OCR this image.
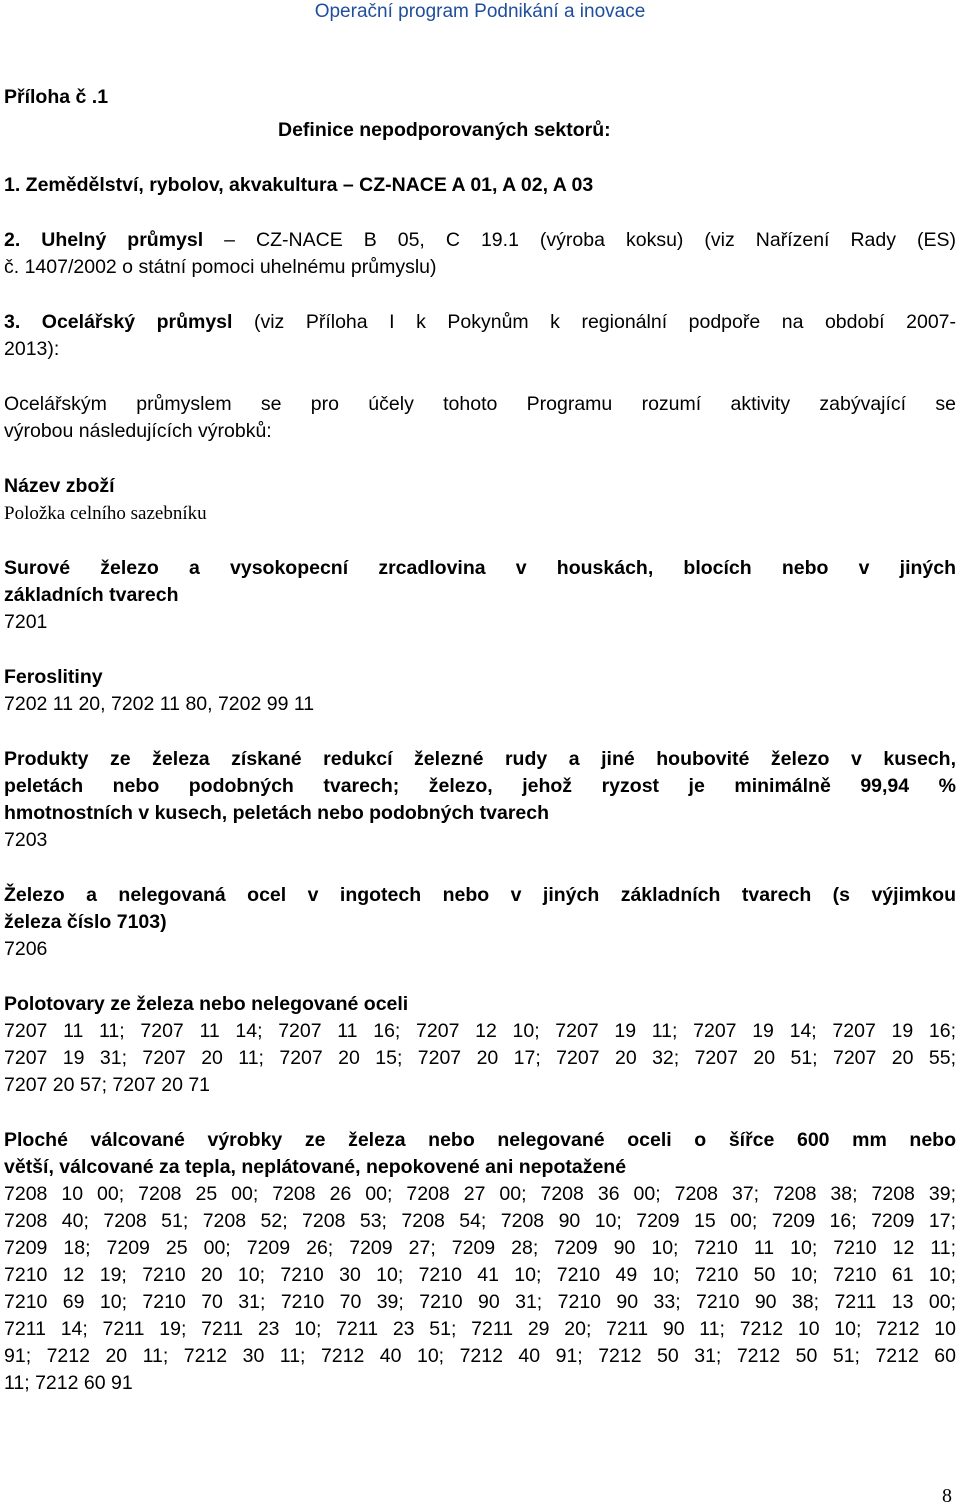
Operační program Podnikání a inovace

Příloha č .1

Definice nepodporovaných sektorů:

1. Zemědělství, rybolov, akvakultura – CZ-NACE A 01, A 02, A 03

2. Uhelný průmysl – CZ-NACE B 05, C 19.1 (výroba koksu) (viz Nařízení Rady (ES)

č. 1407/2002 o státní pomoci uhelnému průmyslu)

3. Ocelářský průmysl (viz Příloha I k Pokynům k regionální podpoře na období 2007-

2013):

Ocelářským průmyslem se pro účely tohoto Programu rozumí aktivity zabývající se

výrobou následujících výrobků:

Název zboží

Položka celního sazebníku

Surové železo a vysokopecní zrcadlovina v houskách, blocích nebo v jiných

základních tvarech

7201

Feroslitiny

7202 11 20, 7202 11 80, 7202 99 11

Produkty ze železa získané redukcí železné rudy a jiné houbovité železo v kusech,

peletách nebo podobných tvarech; železo, jehož ryzost je minimálně 99,94 %

hmotnostních v kusech, peletách nebo podobných tvarech

7203

Železo a nelegovaná ocel v ingotech nebo v jiných základních tvarech (s výjimkou

železa číslo 7103)

7206

Polotovary ze železa nebo nelegované oceli

7207 11 11; 7207 11 14; 7207 11 16; 7207 12 10; 7207 19 11; 7207 19 14; 7207 19 16;

7207 19 31; 7207 20 11; 7207 20 15; 7207 20 17; 7207 20 32; 7207 20 51; 7207 20 55;

7207 20 57; 7207 20 71

Ploché válcované výrobky ze železa nebo nelegované oceli o šířce 600 mm nebo

větší, válcované za tepla, neplátované, nepokovené ani nepotažené

7208 10 00; 7208 25 00; 7208 26 00; 7208 27 00; 7208 36 00; 7208 37; 7208 38; 7208 39;

7208 40; 7208 51; 7208 52; 7208 53; 7208 54; 7208 90 10; 7209 15 00; 7209 16; 7209 17;

7209 18; 7209 25 00; 7209 26; 7209 27; 7209 28; 7209 90 10; 7210 11 10; 7210 12 11;

7210 12 19; 7210 20 10; 7210 30 10; 7210 41 10; 7210 49 10; 7210 50 10; 7210 61 10;

7210 69 10; 7210 70 31; 7210 70 39; 7210 90 31; 7210 90 33; 7210 90 38; 7211 13 00;

7211 14; 7211 19; 7211 23 10; 7211 23 51; 7211 29 20; 7211 90 11; 7212 10 10; 7212 10

91; 7212 20 11; 7212 30 11; 7212 40 10; 7212 40 91; 7212 50 31; 7212 50 51; 7212 60

11; 7212 60 91

8
